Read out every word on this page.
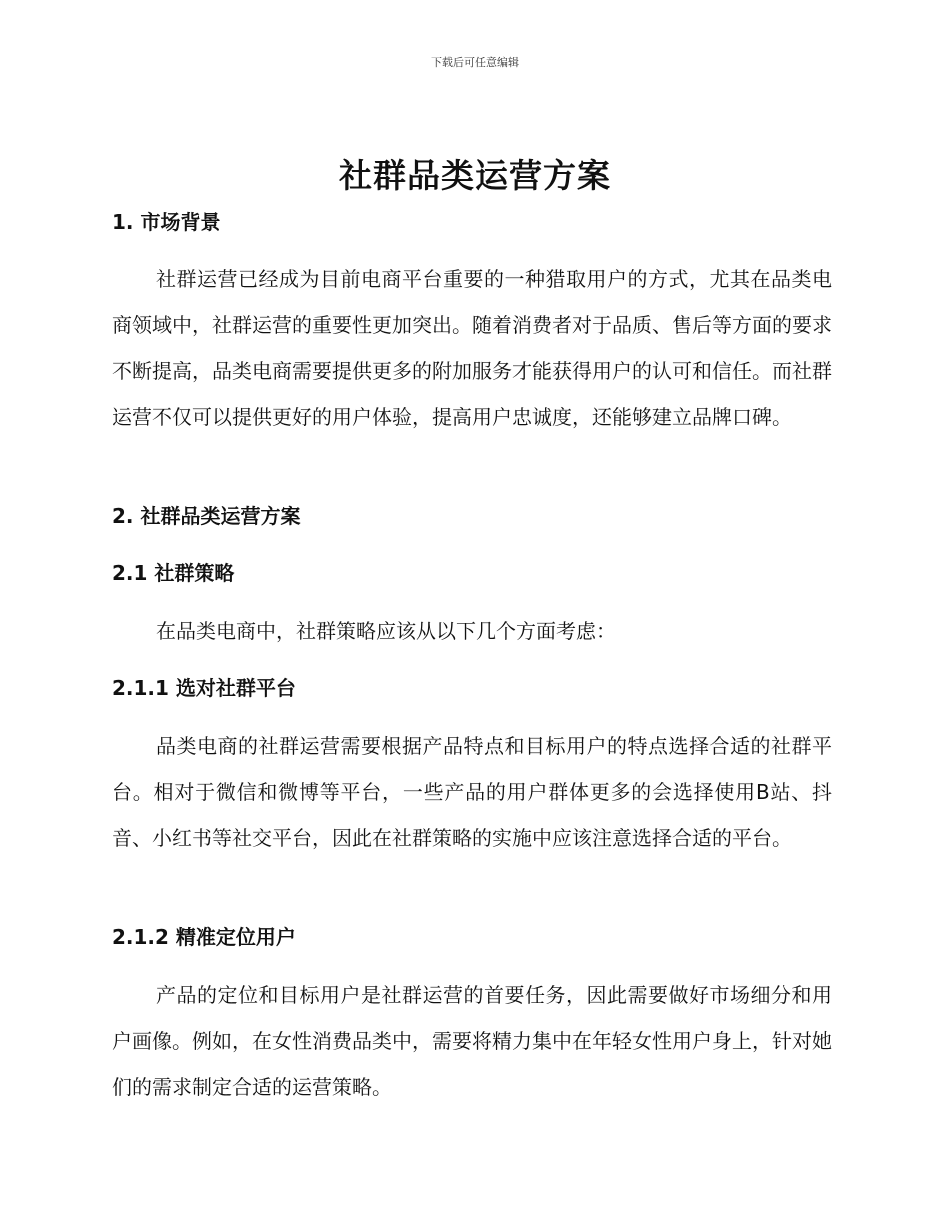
下载后可任意编辑
社群品类运营方案

1. 市场背景

社群运营已经成为目前电商平台重要的一种猎取用户的方式，尤其在品类电商领域中，社群运营的重要性更加突出。随着消费者对于品质、售后等方面的要求不断提高，品类电商需要提供更多的附加服务才能获得用户的认可和信任。而社群运营不仅可以提供更好的用户体验，提高用户忠诚度，还能够建立品牌口碑。

2. 社群品类运营方案

2.1 社群策略

在品类电商中，社群策略应该从以下几个方面考虑：

2.1.1 选对社群平台

品类电商的社群运营需要根据产品特点和目标用户的特点选择合适的社群平台。相对于微信和微博等平台，一些产品的用户群体更多的会选择使用B站、抖音、小红书等社交平台，因此在社群策略的实施中应该注意选择合适的平台。

2.1.2 精准定位用户

产品的定位和目标用户是社群运营的首要任务，因此需要做好市场细分和用户画像。例如，在女性消费品类中，需要将精力集中在年轻女性用户身上，针对她们的需求制定合适的运营策略。
